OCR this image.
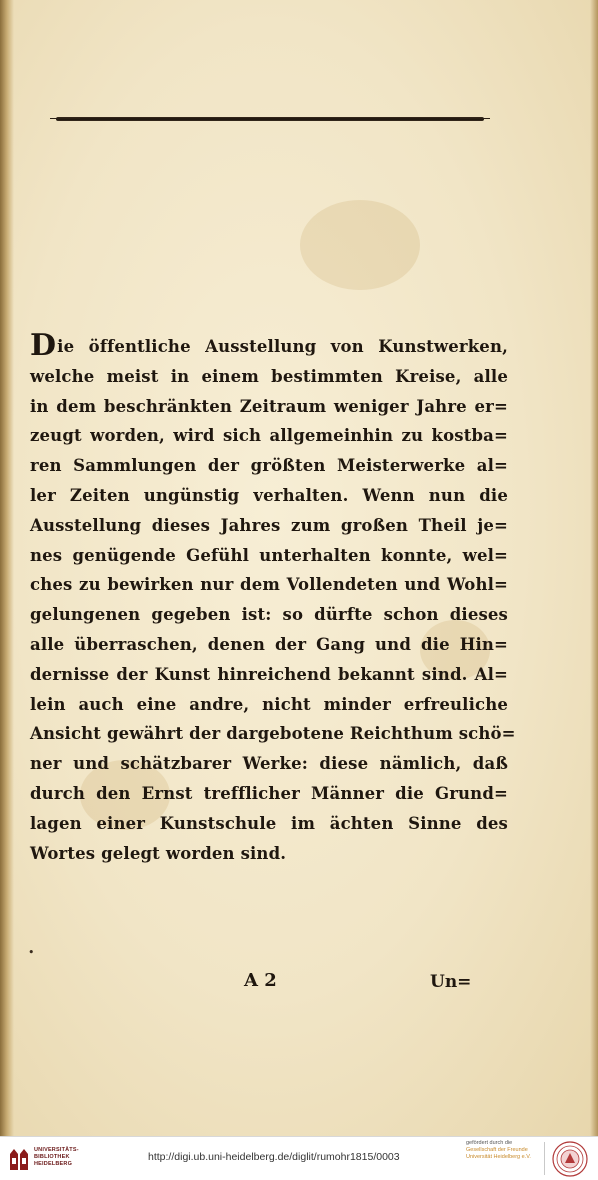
Die öffentliche Ausstellung von Kunstwerken,
welche meist in einem bestimmten Kreise, alle
in dem beschränkten Zeitraum weniger Jahre er=
zeugt worden, wird sich allgemeinhin zu kostba=
ren Sammlungen der größten Meisterwerke al=
ler Zeiten ungünstig verhalten. Wenn nun die
Ausstellung dieses Jahres zum großen Theil je=
nes genügende Gefühl unterhalten konnte, wel=
ches zu bewirken nur dem Vollendeten und Wohl=
gelungenen gegeben ist: so dürfte schon dieses
alle überraschen, denen der Gang und die Hin=
dernisse der Kunst hinreichend bekannt sind. Al=
lein auch eine andre, nicht minder erfreuliche
Ansicht gewährt der dargebotene Reichthum schö=
ner und schätzbarer Werke: diese nämlich, daß
durch den Ernst trefflicher Männer die Grund=
lagen einer Kunstschule im ächten Sinne des
Wortes gelegt worden sind.
•
A 2	Un=
UNIVERSITÄTS-
BIBLIOTHEK
HEIDELBERG
http://digi.ub.uni-heidelberg.de/diglit/rumohr1815/0003
gefördert durch die
Gesellschaft der Freunde
Universität Heidelberg e.V.
